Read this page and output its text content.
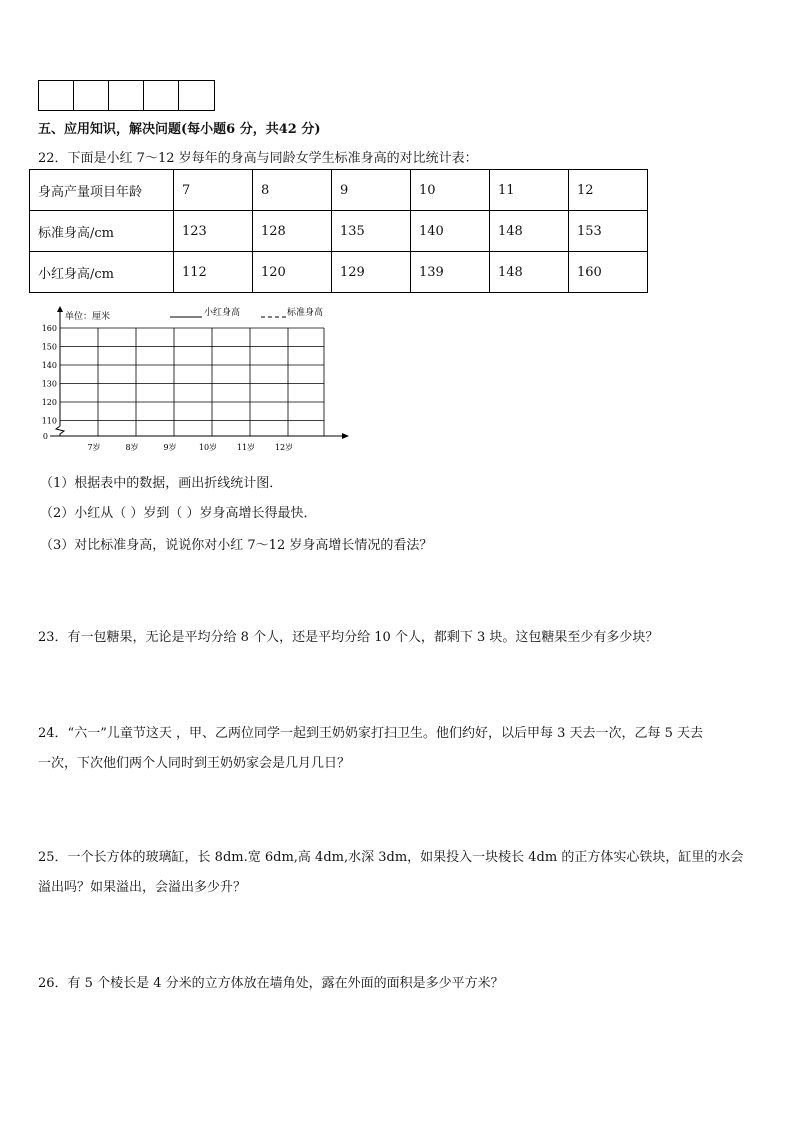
五、应用知识，解决问题(每小题6 分，共42 分)
22．下面是小红 7～12 岁每年的身高与同龄女学生标准身高的对比统计表：
身高产量项目年龄	7	8	9	10	11	12
标准身高/cm	123	128	135	140	148	153
小红身高/cm	112	120	129	139	148	160
单位：厘米	小红身高	标准身高
160
150
140
130
120
110
0
7岁	8岁	9岁	10岁 11岁 12岁
（1）根据表中的数据，画出折线统计图．
（2）小红从（ ）岁到（ ）岁身高增长得最快．
（3）对比标准身高，说说你对小红 7～12 岁身高增长情况的看法？
23．有一包糖果，无论是平均分给 8 个人，还是平均分给 10 个人，都剩下 3 块。这包糖果至少有多少块？
24．“六一”儿童节这天 ，甲、乙两位同学一起到王奶奶家打扫卫生。他们约好，以后甲每 3 天去一次，乙每 5 天去
一次，下次他们两个人同时到王奶奶家会是几月几日？
25．一个长方体的玻璃缸，长 8dm.宽 6dm,高 4dm,水深 3dm，如果投入一块棱长 4dm 的正方体实心铁块，缸里的水会
溢出吗？如果溢出，会溢出多少升？
26．有 5 个棱长是 4 分米的立方体放在墙角处，露在外面的面积是多少平方米？
